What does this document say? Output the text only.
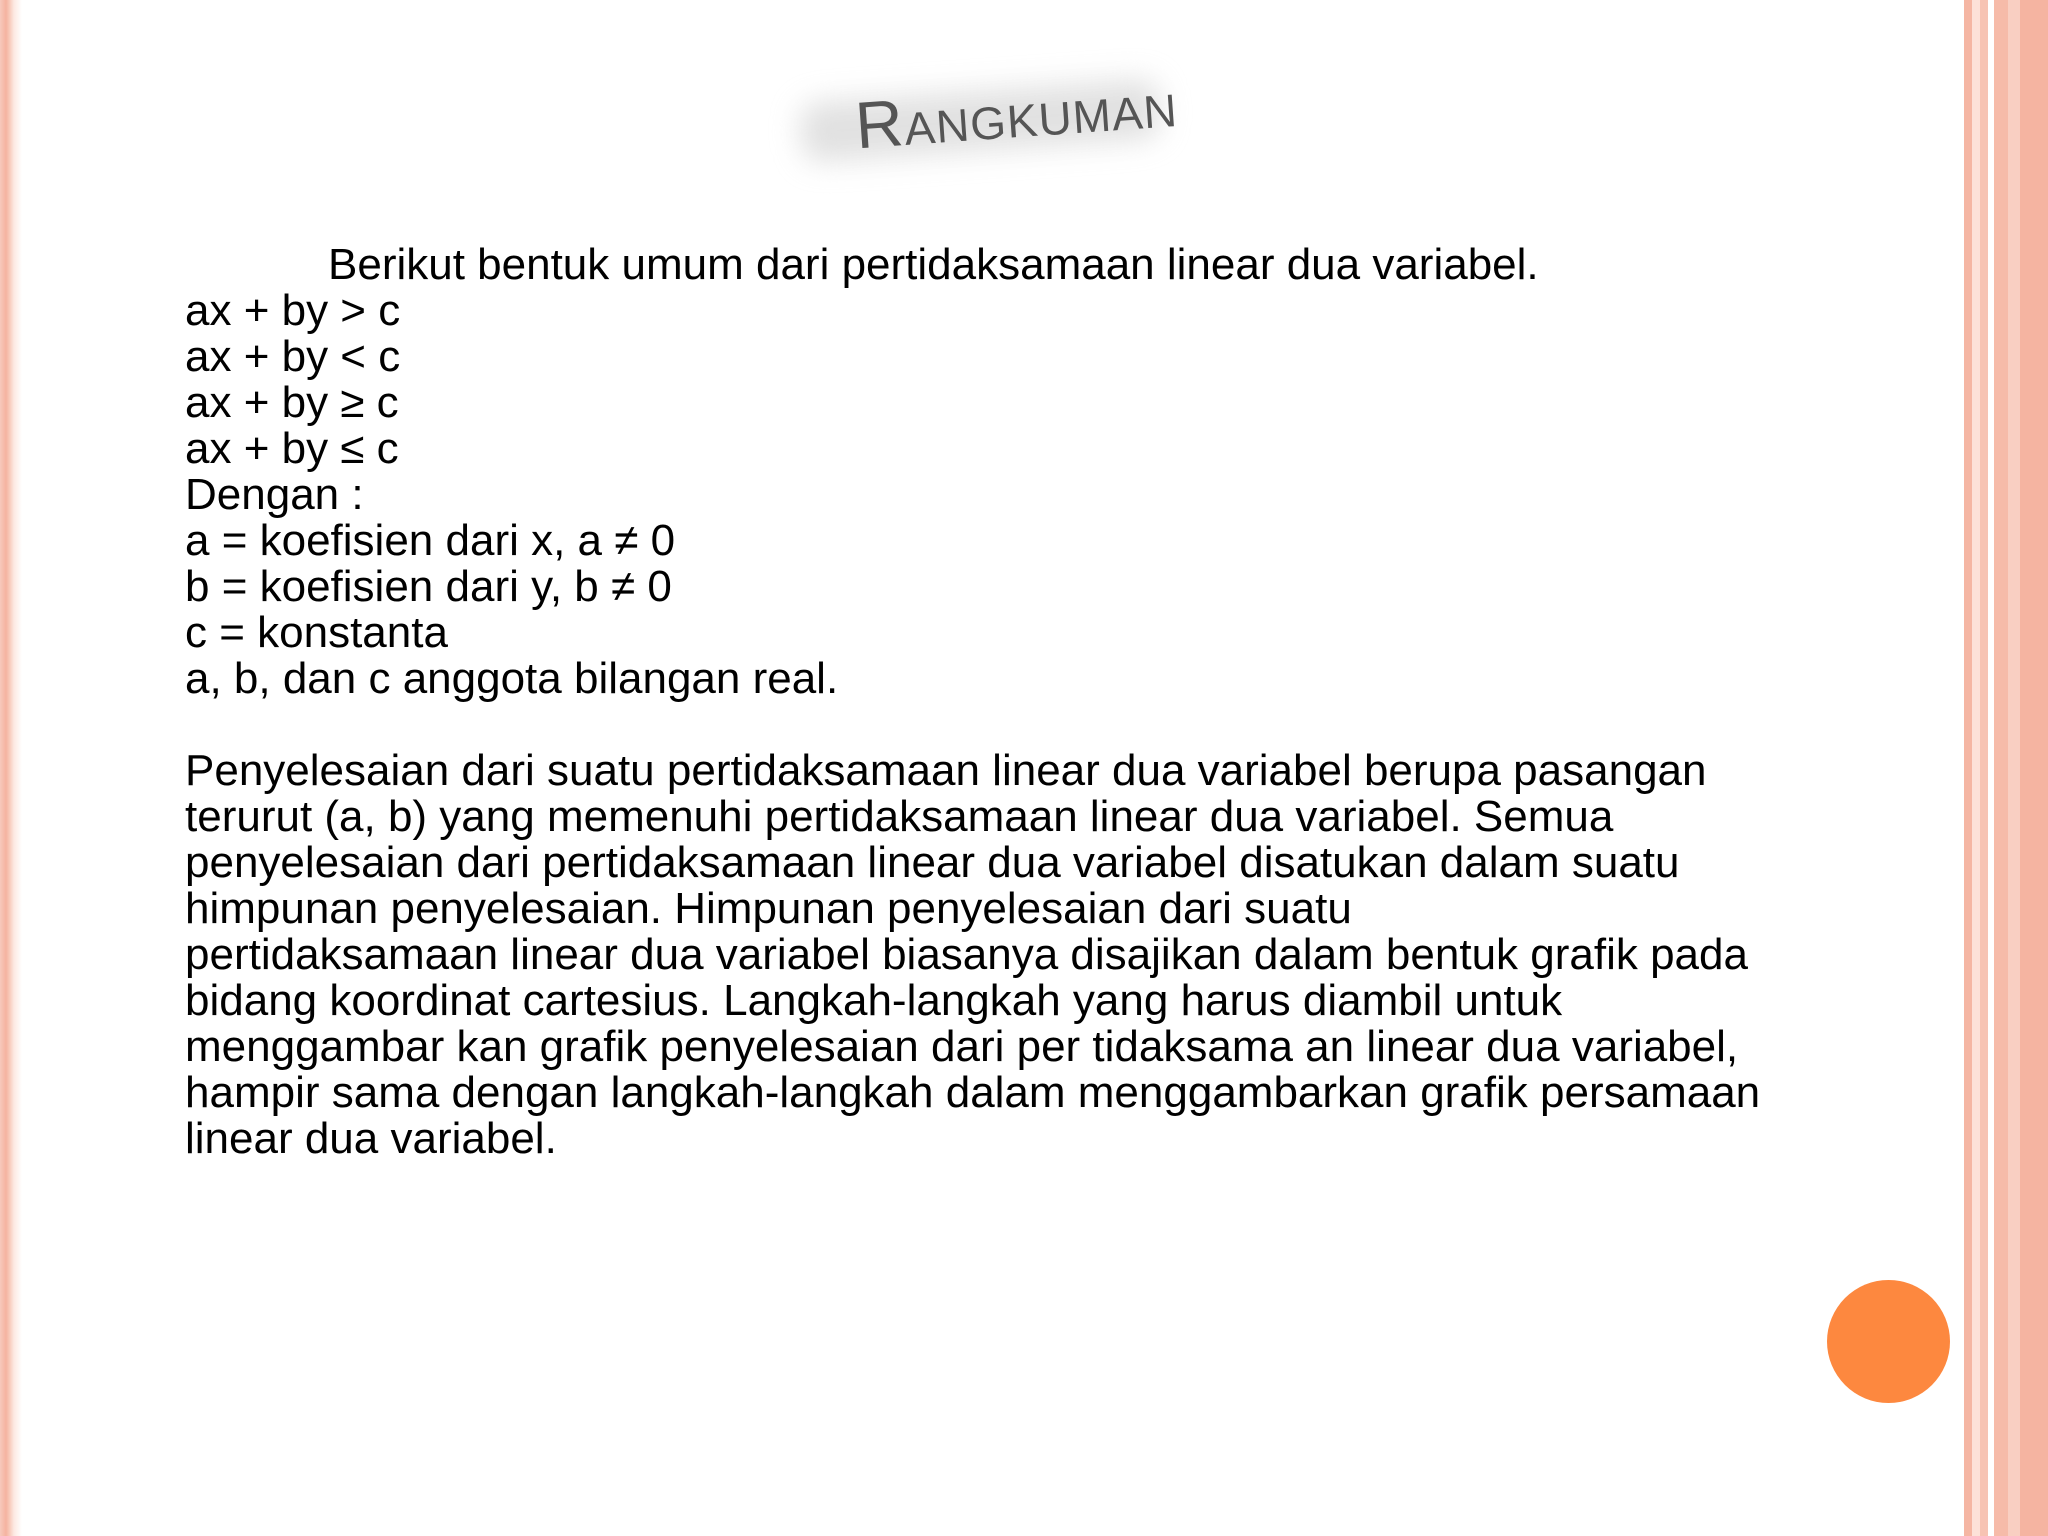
RANGKUMAN
Berikut bentuk umum dari pertidaksamaan linear dua variabel.
ax + by > c
ax + by < c
ax + by ≥ c
ax + by ≤ c
Dengan :
a = koefisien dari x, a ≠ 0
b = koefisien dari y, b ≠ 0
c = konstanta
a, b, dan c anggota bilangan real.
Penyelesaian dari suatu pertidaksamaan linear dua variabel berupa pasangan
terurut (a, b) yang memenuhi pertidaksamaan linear dua variabel. Semua
penyelesaian dari pertidaksamaan linear dua variabel disatukan dalam suatu
himpunan penyelesaian. Himpunan penyelesaian dari suatu
pertidaksamaan linear dua variabel biasanya disajikan dalam bentuk grafik pada
bidang koordinat cartesius. Langkah-langkah yang harus diambil untuk
menggambar kan grafik penyelesaian dari per tidaksama an linear dua variabel,
hampir sama dengan langkah-langkah dalam menggambarkan grafik persamaan
linear dua variabel.
